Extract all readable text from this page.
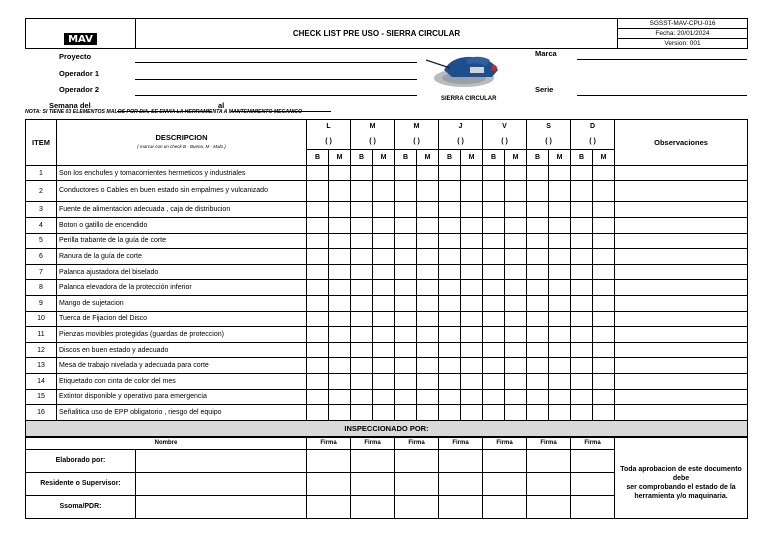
MAV	CHECK LIST PRE USO - SIERRA CIRCULAR	SGSST-MAV-CPU-016
Fecha: 20/01/2024
Version: 001
Proyecto
Operador 1
Operador 2
Semana del	al
SIERRA CIRCULAR
Marca
Serie
NOTA: SI TIENE 03 ELEMENTOS MALOS POR DIA, SE ENVIA LA HERRAMIENTA A MANTENIMIENTO MECANICO
ITEM	DESCRIPCION
( marcar con un check B - Bueno, M - Malo )	L		M		M		J		V		S		D		Observaciones
		( )		( )		( )		( )		( )		( )		( )		
		B	M	B	M	B	M	B	M	B	M	B	M	B	M	
1	Son los enchufes y tomacorrientes hermeticos y industriales															
2	Conductores o Cables en buen estado sin empalmes y vulcanizado															
3	Fuente de alimentacion adecuada , caja de distribucion															
4	Boton o gatillo de encendido															
5	Perilla trabante de la guía de corte															
6	Ranura de la guía de corte															
7	Palanca ajustadora del biselado															
8	Palanca elevadora de la protección inferior															
9	Mango de sujetacion															
10	Tuerca de Fijacion del Disco															
11	Pienzas movibles protegidas (guardas de proteccion)															
12	Discos en buen estado y adecuado															
13	Mesa de trabajo nivelada y adecuada para corte															
14	Etiquetado con cinta de color del mes															
15	Extintor disponible y operativo para emergencia															
16	Señalitica uso de EPP obligatorio , riesgo del equipo															
INSPECCIONADO POR:																
Nombre		Firma	Firma	Firma	Firma	Firma	Firma	Firma	
Elaborado por:									Toda aprobacion de este documento debe
ser comprobando el estado de la herramienta y/o maquinaria.

Residente o Supervisor:									
Ssoma/PDR:									
